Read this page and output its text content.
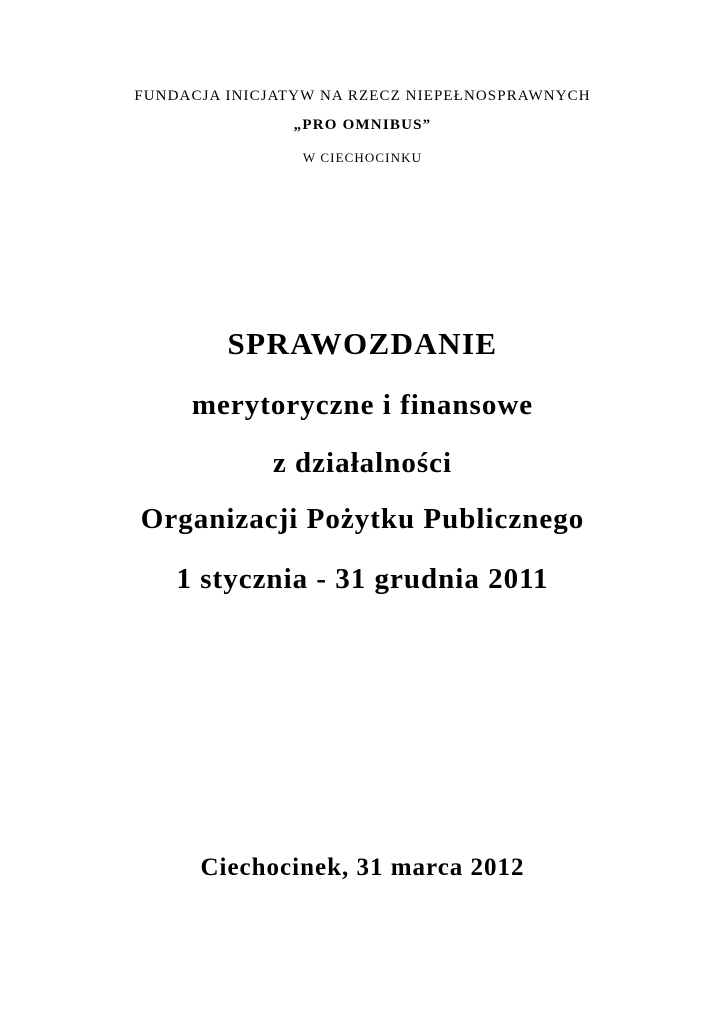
FUNDACJA INICJATYW NA RZECZ NIEPEŁNOSPRAWNYCH
„PRO OMNIBUS”
W CIECHOCINKU
SPRAWOZDANIE
merytoryczne i finansowe
z działalności
Organizacji Pożytku Publicznego
1 stycznia - 31 grudnia 2011
Ciechocinek, 31 marca 2012
